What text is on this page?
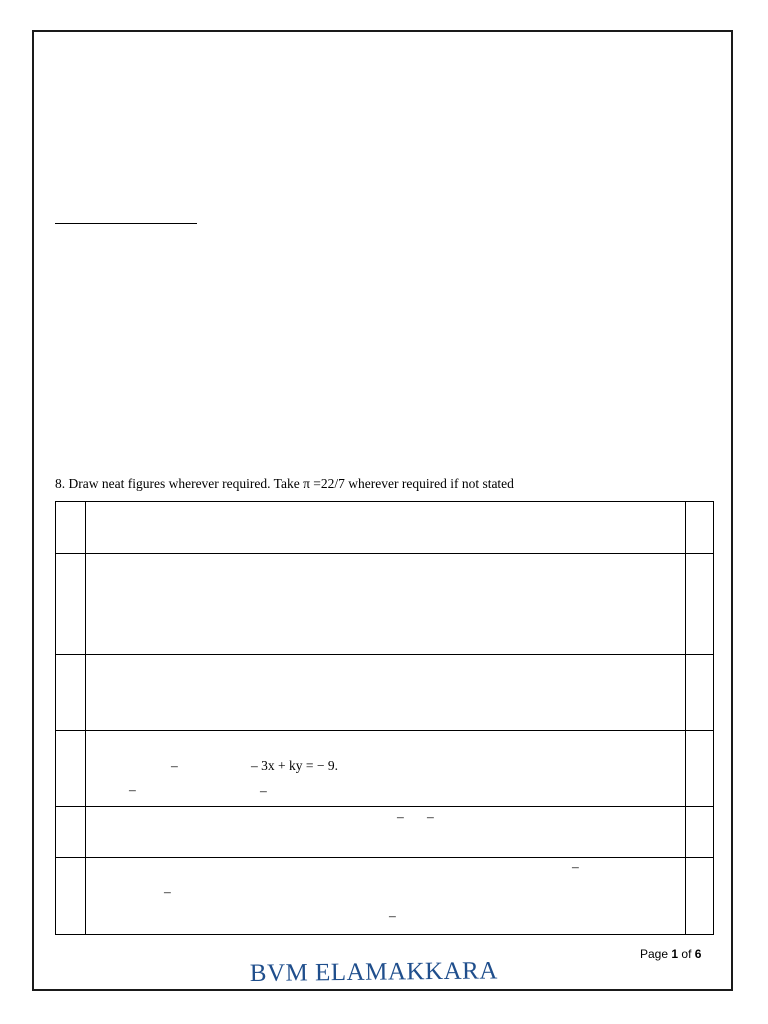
8. Draw neat figures wherever required. Take π =22/7 wherever required if not stated
–	– 3x + ky = − 9.
–	–
– –
–
–
–
Page 1 of 6
BVM ELAMAKKARA
